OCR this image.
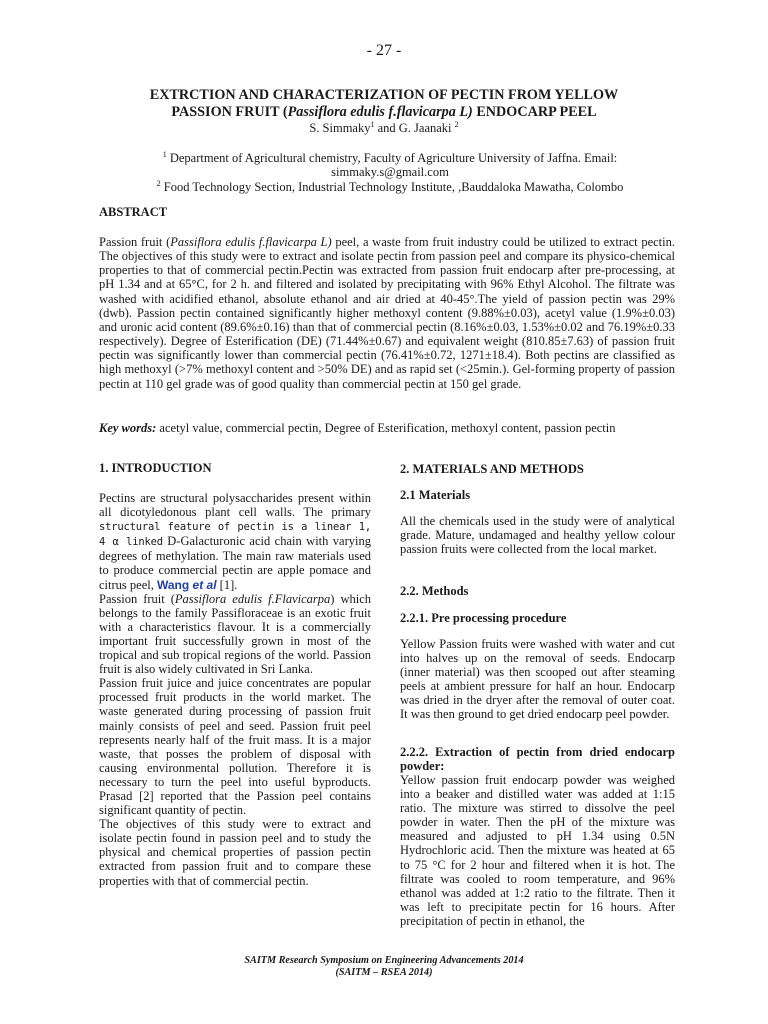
- 27 -
EXTRCTION AND CHARACTERIZATION OF PECTIN FROM YELLOW
PASSION FRUIT (Passiflora edulis f.flavicarpa L) ENDOCARP PEEL
S. Simmaky$^1$ and G. Jaanaki $^2$
$^1$ Department of Agricultural chemistry, Faculty of Agriculture University of Jaffna. Email:
simmaky.s@gmail.com
$^2$ Food Technology Section, Industrial Technology Institute, ,Bauddaloka Mawatha, Colombo
ABSTRACT
Passion fruit (Passiflora edulis f.flavicarpa L) peel, a waste from fruit industry could be utilized to extract pectin. The objectives of this study were to extract and isolate pectin from passion peel and compare its physico-chemical properties to that of commercial pectin.Pectin was extracted from passion fruit endocarp after pre-processing, at pH 1.34 and at 65°C, for 2 h. and filtered and isolated by precipitating with 96% Ethyl Alcohol. The filtrate was washed with acidified ethanol, absolute ethanol and air dried at 40-45°.The yield of passion pectin was 29% (dwb). Passion pectin contained significantly higher methoxyl content (9.88%±0.03), acetyl value (1.9%±0.03) and uronic acid content (89.6%±0.16) than that of commercial pectin (8.16%±0.03, 1.53%±0.02 and 76.19%±0.33 respectively). Degree of Esterification (DE) (71.44%±0.67) and equivalent weight (810.85±7.63) of passion fruit pectin was significantly lower than commercial pectin (76.41%±0.72, 1271±18.4). Both pectins are classified as high methoxyl (>7% methoxyl content and >50% DE) and as rapid set (<25min.). Gel-forming property of passion pectin at 110 gel grade was of good quality than commercial pectin at 150 gel grade.
Key words: acetyl value, commercial pectin, Degree of Esterification, methoxyl content, passion pectin
1. INTRODUCTION

Pectins are structural polysaccharides present within all dicotyledonous plant cell walls. The primary structural feature of pectin is a linear 1, 4 α linked D-Galacturonic acid chain with varying degrees of methylation. The main raw materials used to produce commercial pectin are apple pomace and citrus peel, Wang et al [1].

Passion fruit (Passiflora edulis f.Flavicarpa) which belongs to the family Passifloraceae is an exotic fruit with a characteristics flavour. It is a commercially important fruit successfully grown in most of the tropical and sub tropical regions of the world. Passion fruit is also widely cultivated in Sri Lanka.

Passion fruit juice and juice concentrates are popular processed fruit products in the world market. The waste generated during processing of passion fruit mainly consists of peel and seed. Passion fruit peel represents nearly half of the fruit mass. It is a major waste, that posses the problem of disposal with causing environmental pollution. Therefore it is necessary to turn the peel into useful byproducts. Prasad [2] reported that the Passion peel contains significant quantity of pectin.

The objectives of this study were to extract and isolate pectin found in passion peel and to study the physical and chemical properties of passion pectin extracted from passion fruit and to compare these properties with that of commercial pectin.

2. MATERIALS AND METHODS
2.1 Materials
All the chemicals used in the study were of analytical grade. Mature, undamaged and healthy yellow colour passion fruits were collected from the local market.
2.2. Methods
2.2.1. Pre processing procedure
Yellow Passion fruits were washed with water and cut into halves up on the removal of seeds. Endocarp (inner material) was then scooped out after steaming peels at ambient pressure for half an hour. Endocarp was dried in the dryer after the removal of outer coat. It was then ground to get dried endocarp peel powder.
2.2.2. Extraction of pectin from dried endocarp powder:
Yellow passion fruit endocarp powder was weighed into a beaker and distilled water was added at 1:15 ratio. The mixture was stirred to dissolve the peel powder in water. Then the pH of the mixture was measured and adjusted to pH 1.34 using 0.5N Hydrochloric acid. Then the mixture was heated at 65 to 75 °C for 2 hour and filtered when it is hot. The filtrate was cooled to room temperature, and 96% ethanol was added at 1:2 ratio to the filtrate. Then it was left to precipitate pectin for 16 hours. After precipitation of pectin in ethanol, the
SAITM Research Symposium on Engineering Advancements 2014
(SAITM – RSEA 2014)
